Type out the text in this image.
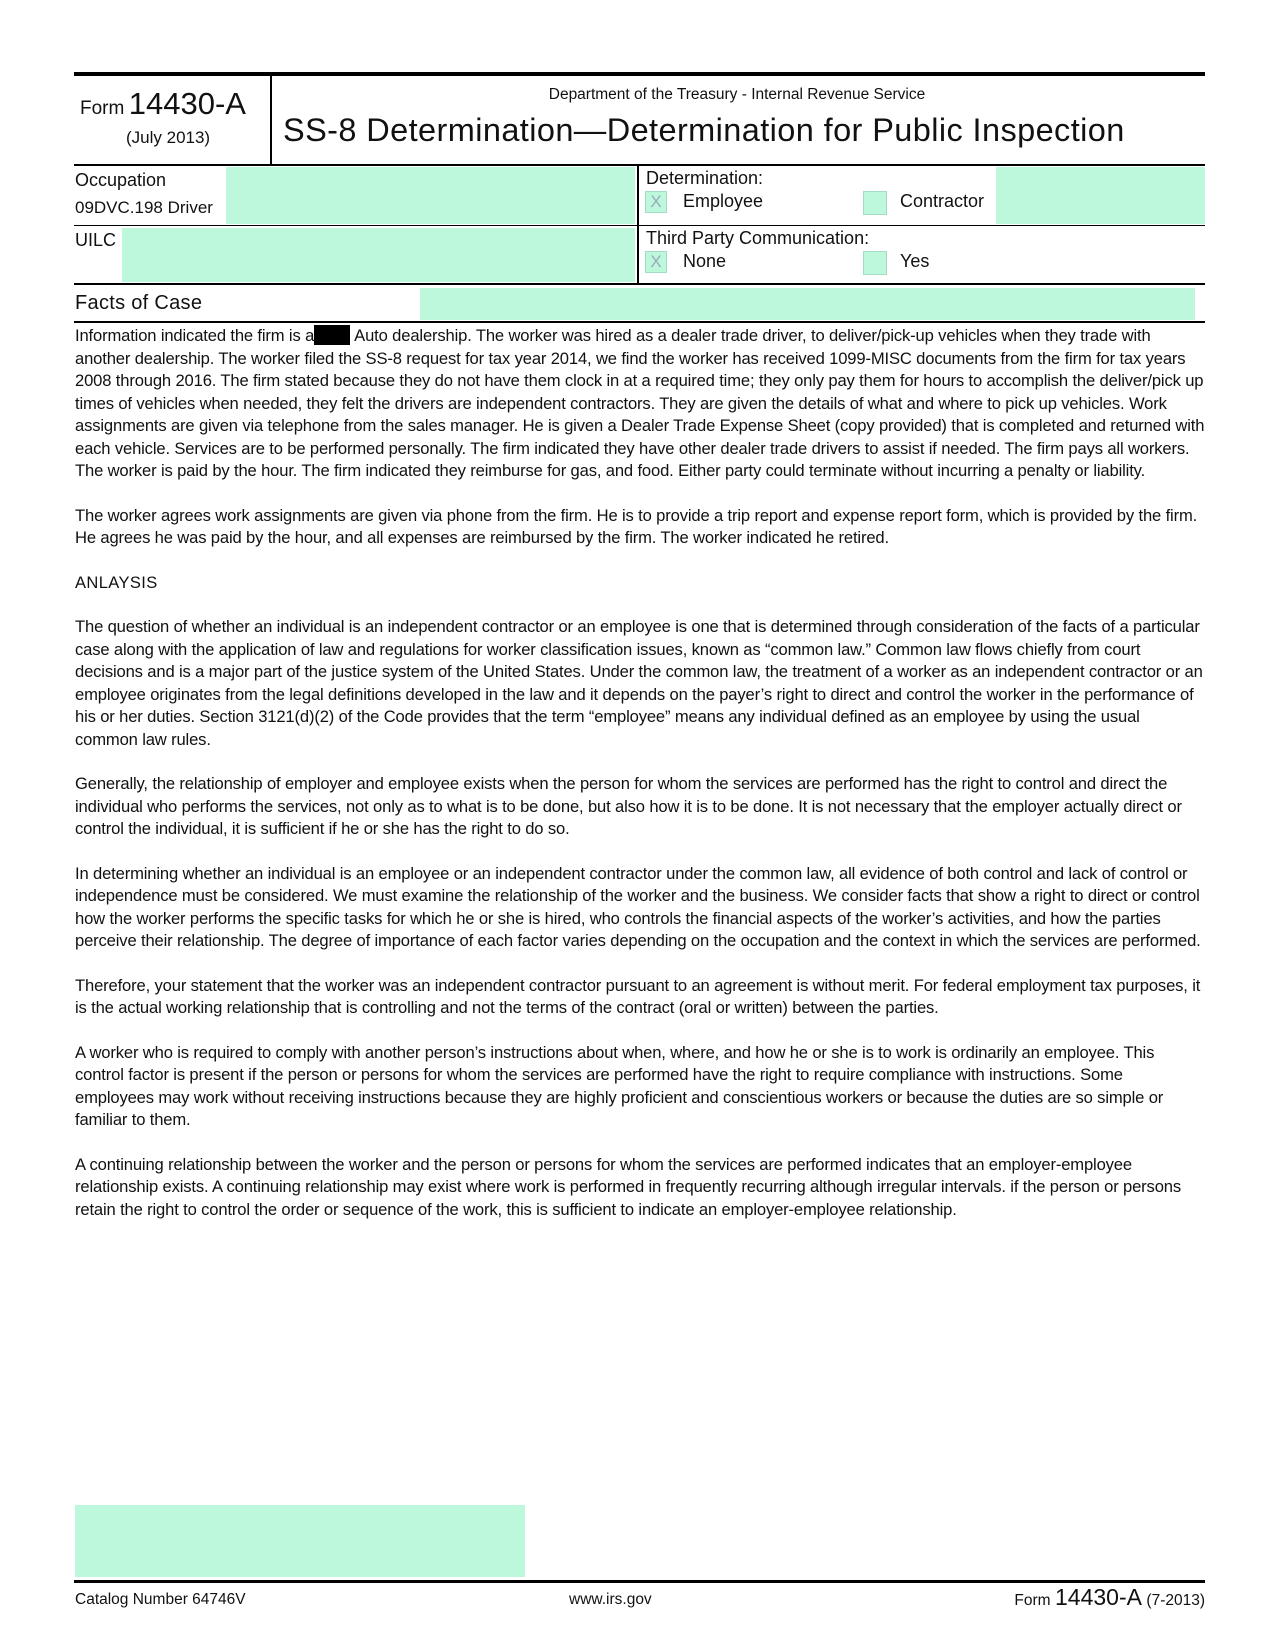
Form 14430-A
(July 2013)
Department of the Treasury - Internal Revenue Service
SS-8 Determination—Determination for Public Inspection
Occupation
09DVC.198 Driver
UILC
Determination:
X Employee	Contractor
Third Party Communication:
X None	Yes
Facts of Case

Information indicated the firm is a Auto dealership. The worker was hired as a dealer trade driver, to deliver/pick-up vehicles when they trade with another dealership. The worker filed the SS-8 request for tax year 2014, we find the worker has received 1099-MISC documents from the firm for tax years 2008 through 2016. The firm stated because they do not have them clock in at a required time; they only pay them for hours to accomplish the deliver/pick up times of vehicles when needed, they felt the drivers are independent contractors. They are given the details of what and where to pick up vehicles. Work assignments are given via telephone from the sales manager. He is given a Dealer Trade Expense Sheet (copy provided) that is completed and returned with each vehicle. Services are to be performed personally. The firm indicated they have other dealer trade drivers to assist if needed. The firm pays all workers. The worker is paid by the hour. The firm indicated they reimburse for gas, and food. Either party could terminate without incurring a penalty or liability.

The worker agrees work assignments are given via phone from the firm. He is to provide a trip report and expense report form, which is provided by the firm. He agrees he was paid by the hour, and all expenses are reimbursed by the firm. The worker indicated he retired.

ANLAYSIS

The question of whether an individual is an independent contractor or an employee is one that is determined through consideration of the facts of a particular case along with the application of law and regulations for worker classification issues, known as “common law.” Common law flows chiefly from court decisions and is a major part of the justice system of the United States. Under the common law, the treatment of a worker as an independent contractor or an employee originates from the legal definitions developed in the law and it depends on the payer’s right to direct and control the worker in the performance of his or her duties. Section 3121(d)(2) of the Code provides that the term “employee” means any individual defined as an employee by using the usual common law rules.

Generally, the relationship of employer and employee exists when the person for whom the services are performed has the right to control and direct the individual who performs the services, not only as to what is to be done, but also how it is to be done. It is not necessary that the employer actually direct or control the individual, it is sufficient if he or she has the right to do so.

In determining whether an individual is an employee or an independent contractor under the common law, all evidence of both control and lack of control or independence must be considered. We must examine the relationship of the worker and the business. We consider facts that show a right to direct or control how the worker performs the specific tasks for which he or she is hired, who controls the financial aspects of the worker’s activities, and how the parties perceive their relationship. The degree of importance of each factor varies depending on the occupation and the context in which the services are performed.

Therefore, your statement that the worker was an independent contractor pursuant to an agreement is without merit. For federal employment tax purposes, it is the actual working relationship that is controlling and not the terms of the contract (oral or written) between the parties.

A worker who is required to comply with another person’s instructions about when, where, and how he or she is to work is ordinarily an employee. This control factor is present if the person or persons for whom the services are performed have the right to require compliance with instructions. Some employees may work without receiving instructions because they are highly proficient and conscientious workers or because the duties are so simple or familiar to them.

A continuing relationship between the worker and the person or persons for whom the services are performed indicates that an employer-employee relationship exists. A continuing relationship may exist where work is performed in frequently recurring although irregular intervals. if the person or persons retain the right to control the order or sequence of the work, this is sufficient to indicate an employer-employee relationship.

Catalog Number 64746V	www.irs.gov	Form 14430-A (7-2013)
